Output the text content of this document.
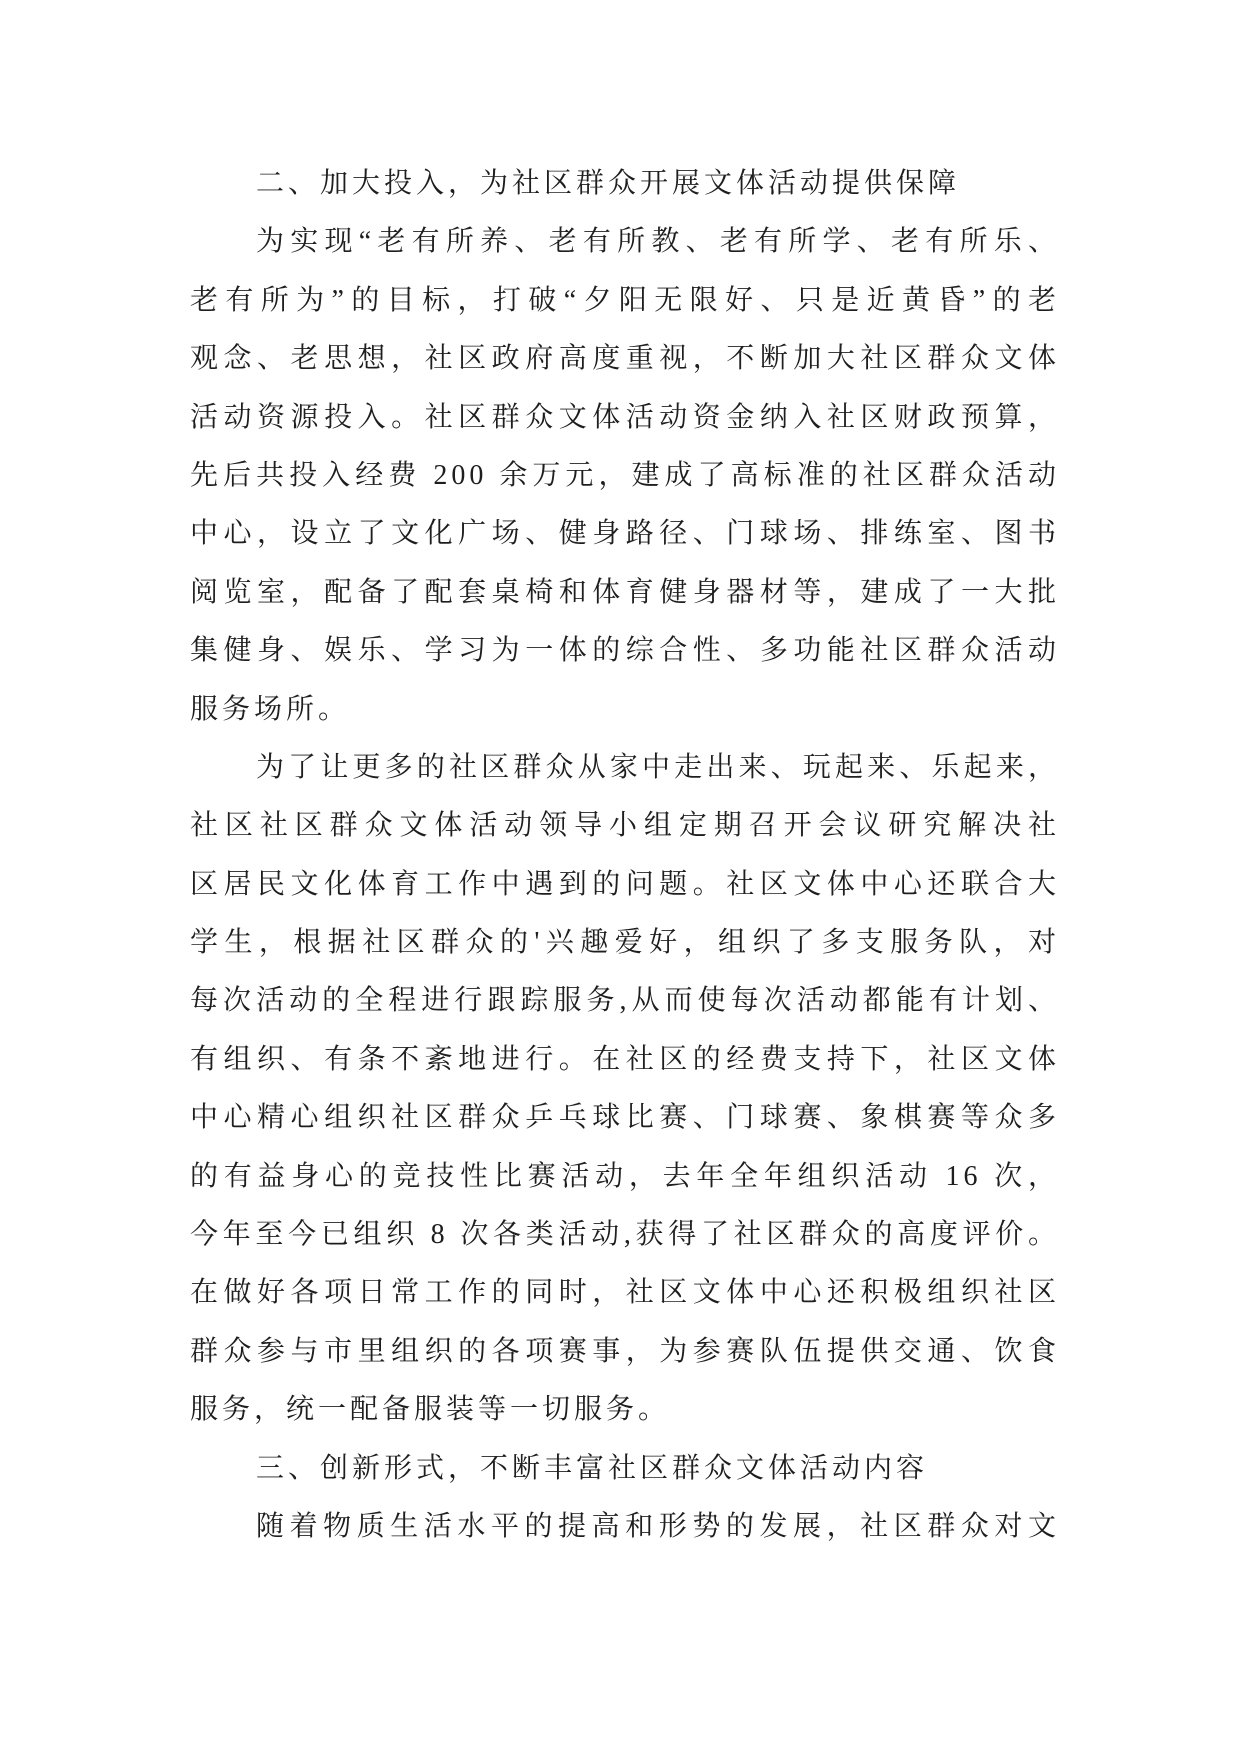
二、加大投入，为社区群众开展文体活动提供保障
为实现“老有所养、老有所教、老有所学、老有所乐、
老有所为”的目标，打破“夕阳无限好、只是近黄昏”的老
观念、老思想，社区政府高度重视，不断加大社区群众文体
活动资源投入。社区群众文体活动资金纳入社区财政预算，
先后共投入经费 200 余万元，建成了高标准的社区群众活动
中心，设立了文化广场、健身路径、门球场、排练室、图书
阅览室，配备了配套桌椅和体育健身器材等，建成了一大批
集健身、娱乐、学习为一体的综合性、多功能社区群众活动
服务场所。
为了让更多的社区群众从家中走出来、玩起来、乐起来，
社区社区群众文体活动领导小组定期召开会议研究解决社
区居民文化体育工作中遇到的问题。社区文体中心还联合大
学生，根据社区群众的'兴趣爱好，组织了多支服务队，对
每次活动的全程进行跟踪服务,从而使每次活动都能有计划、
有组织、有条不紊地进行。在社区的经费支持下，社区文体
中心精心组织社区群众乒乓球比赛、门球赛、象棋赛等众多
的有益身心的竞技性比赛活动，去年全年组织活动 16 次，
今年至今已组织 8 次各类活动,获得了社区群众的高度评价。
在做好各项日常工作的同时，社区文体中心还积极组织社区
群众参与市里组织的各项赛事，为参赛队伍提供交通、饮食
服务，统一配备服装等一切服务。
三、创新形式，不断丰富社区群众文体活动内容
随着物质生活水平的提高和形势的发展，社区群众对文
